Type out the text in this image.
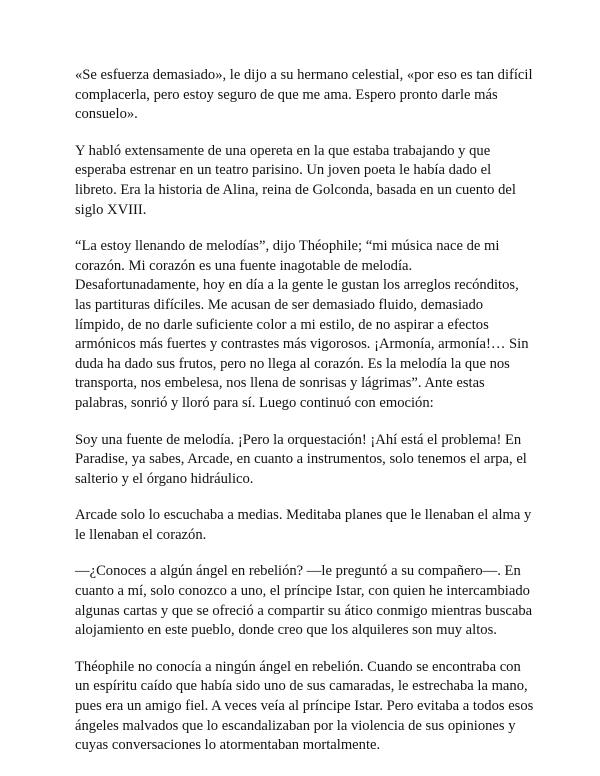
«Se esfuerza demasiado», le dijo a su hermano celestial, «por eso es tan difícil complacerla, pero estoy seguro de que me ama. Espero pronto darle más consuelo».

Y habló extensamente de una opereta en la que estaba trabajando y que esperaba estrenar en un teatro parisino. Un joven poeta le había dado el libreto. Era la historia de Alina, reina de Golconda, basada en un cuento del siglo XVIII.

“La estoy llenando de melodías”, dijo Théophile; “mi música nace de mi corazón. Mi corazón es una fuente inagotable de melodía. Desafortunadamente, hoy en día a la gente le gustan los arreglos recónditos, las partituras difíciles. Me acusan de ser demasiado fluido, demasiado límpido, de no darle suficiente color a mi estilo, de no aspirar a efectos armónicos más fuertes y contrastes más vigorosos. ¡Armonía, armonía!… Sin duda ha dado sus frutos, pero no llega al corazón. Es la melodía la que nos transporta, nos embelesa, nos llena de sonrisas y lágrimas”. Ante estas palabras, sonrió y lloró para sí. Luego continuó con emoción:

Soy una fuente de melodía. ¡Pero la orquestación! ¡Ahí está el problema! En Paradise, ya sabes, Arcade, en cuanto a instrumentos, solo tenemos el arpa, el salterio y el órgano hidráulico.

Arcade solo lo escuchaba a medias. Meditaba planes que le llenaban el alma y le llenaban el corazón.

—¿Conoces a algún ángel en rebelión? —le preguntó a su compañero—. En cuanto a mí, solo conozco a uno, el príncipe Istar, con quien he intercambiado algunas cartas y que se ofreció a compartir su ático conmigo mientras buscaba alojamiento en este pueblo, donde creo que los alquileres son muy altos.

Théophile no conocía a ningún ángel en rebelión. Cuando se encontraba con un espíritu caído que había sido uno de sus camaradas, le estrechaba la mano, pues era un amigo fiel. A veces veía al príncipe Istar. Pero evitaba a todos esos ángeles malvados que lo escandalizaban por la violencia de sus opiniones y cuyas conversaciones lo atormentaban mortalmente.
